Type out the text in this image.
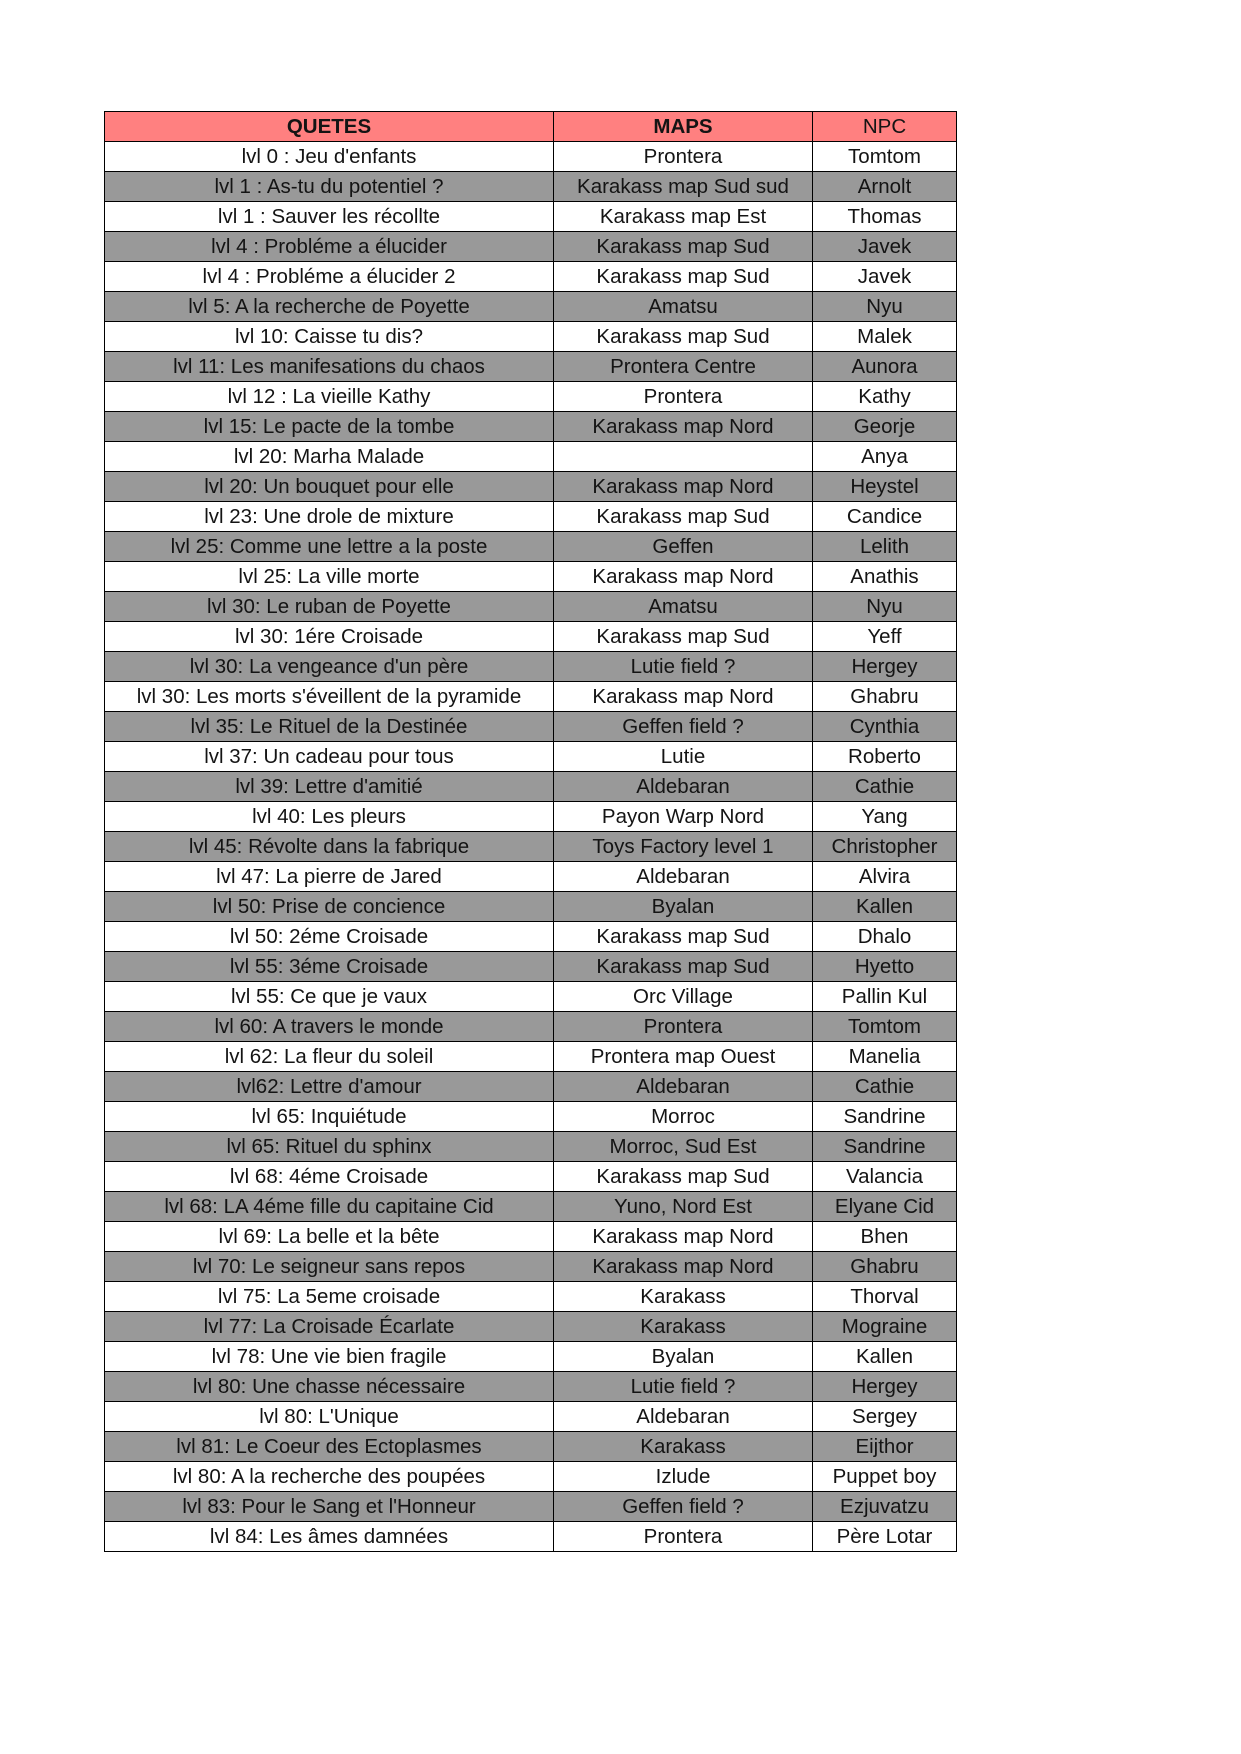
QUETES	MAPS	NPC
lvl 0 : Jeu d'enfants	Prontera	Tomtom
lvl 1 : As-tu du potentiel ?	Karakass map Sud sud	Arnolt
lvl 1 : Sauver les récollte	Karakass map Est	Thomas
lvl 4 : Probléme a élucider	Karakass map Sud	Javek
lvl 4 : Probléme a élucider 2	Karakass map Sud	Javek
lvl 5: A la recherche de Poyette	Amatsu	Nyu
lvl 10: Caisse tu dis?	Karakass map Sud	Malek
lvl 11: Les manifesations du chaos	Prontera Centre	Aunora
lvl 12 : La vieille Kathy	Prontera	Kathy
lvl 15: Le pacte de la tombe	Karakass map Nord	Georje
lvl 20: Marha Malade		Anya
lvl 20: Un bouquet pour elle	Karakass map Nord	Heystel
lvl 23: Une drole de mixture	Karakass map Sud	Candice
lvl 25: Comme une lettre a la poste	Geffen	Lelith
lvl 25: La ville morte	Karakass map Nord	Anathis
lvl 30: Le ruban de Poyette	Amatsu	Nyu
lvl 30: 1ére Croisade	Karakass map Sud	Yeff
lvl 30: La vengeance d'un père	Lutie field ?	Hergey
lvl 30: Les morts s'éveillent de la pyramide	Karakass map Nord	Ghabru
lvl 35: Le Rituel de la Destinée	Geffen field ?	Cynthia
lvl 37: Un cadeau pour tous	Lutie	Roberto
lvl 39: Lettre d'amitié	Aldebaran	Cathie
lvl 40: Les pleurs	Payon Warp Nord	Yang
lvl 45: Révolte dans la fabrique	Toys Factory level 1	Christopher
lvl 47: La pierre de Jared	Aldebaran	Alvira
lvl 50: Prise de concience	Byalan	Kallen
lvl 50: 2éme Croisade	Karakass map Sud	Dhalo
lvl 55: 3éme Croisade	Karakass map Sud	Hyetto
lvl 55: Ce que je vaux	Orc Village	Pallin Kul
lvl 60: A travers le monde	Prontera	Tomtom
lvl 62: La fleur du soleil	Prontera map Ouest	Manelia
lvl62: Lettre d'amour	Aldebaran	Cathie
lvl 65: Inquiétude	Morroc	Sandrine
lvl 65: Rituel du sphinx	Morroc, Sud Est	Sandrine
lvl 68: 4éme Croisade	Karakass map Sud	Valancia
lvl 68: LA 4éme fille du capitaine Cid	Yuno, Nord Est	Elyane Cid
lvl 69: La belle et la bête	Karakass map Nord	Bhen
lvl 70: Le seigneur sans repos	Karakass map Nord	Ghabru
lvl 75: La 5eme croisade	Karakass	Thorval
lvl 77: La Croisade Écarlate	Karakass	Mograine
lvl 78: Une vie bien fragile	Byalan	Kallen
lvl 80: Une chasse nécessaire	Lutie field ?	Hergey
lvl 80: L'Unique	Aldebaran	Sergey
lvl 81: Le Coeur des Ectoplasmes	Karakass	Eijthor
lvl 80: A la recherche des poupées	Izlude	Puppet boy
lvl 83: Pour le Sang et l'Honneur	Geffen field ?	Ezjuvatzu
lvl 84: Les âmes damnées	Prontera	Père Lotar
